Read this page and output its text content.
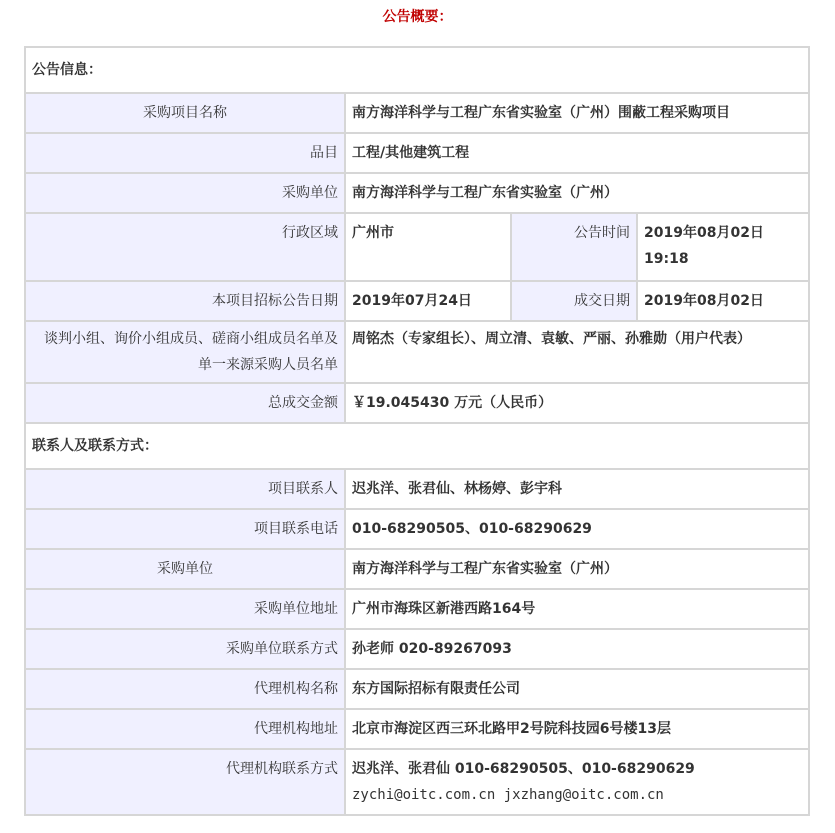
公告概要：
公告信息：			
采购项目名称	南方海洋科学与工程广东省实验室（广州）围蔽工程采购项目		
品目	工程/其他建筑工程		
采购单位	南方海洋科学与工程广东省实验室（广州）		
行政区域	广州市	公告时间	2019年08月02日 19:18
本项目招标公告日期	2019年07月24日	成交日期	2019年08月02日
谈判小组、询价小组成员、磋商小组成员名单及单一来源采购人员名单	周铭杰（专家组长）、周立清、袁敏、严丽、孙雅勋（用户代表）		
总成交金额	￥19.045430 万元（人民币）		
联系人及联系方式：			
项目联系人	迟兆洋、张君仙、林杨婷、彭宇科		
项目联系电话	010-68290505、010-68290629		
采购单位	南方海洋科学与工程广东省实验室（广州）		
采购单位地址	广州市海珠区新港西路164号		
采购单位联系方式	孙老师 020-89267093		
代理机构名称	东方国际招标有限责任公司		
代理机构地址	北京市海淀区西三环北路甲2号院科技园6号楼13层		
代理机构联系方式	迟兆洋、张君仙 010-68290505、010-68290629
zychi@oitc.com.cn jxzhang@oitc.com.cn		
